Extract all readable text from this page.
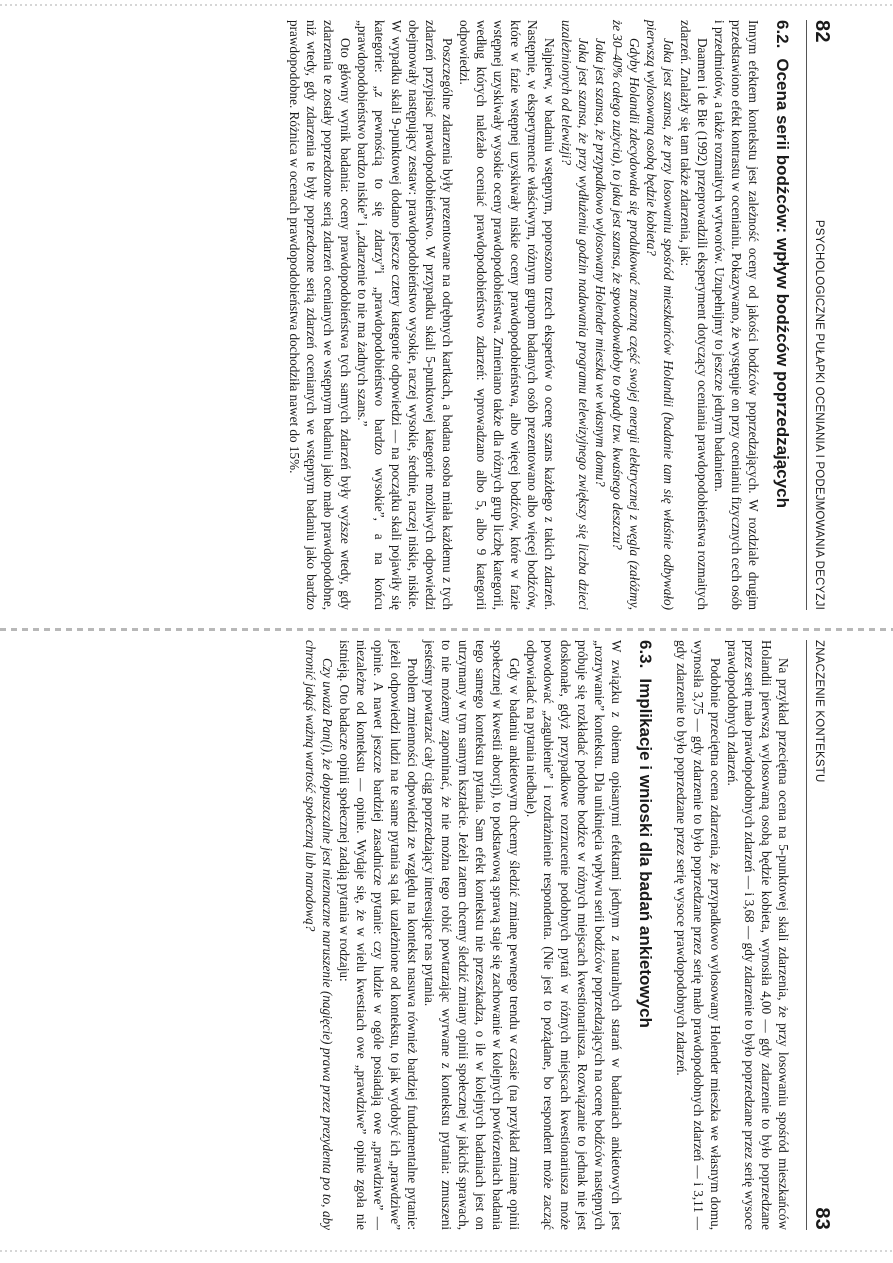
82
PSYCHOLOGICZNE PUŁAPKI OCENIANIA I PODEJMOWANIA DECYZJI
6.2.Ocena serii bodźców: wpływ bodźców poprzedzających

Innym efektem kontekstu jest zależność oceny od jakości bodźców poprzedzających. W rozdziale drugim przedstawiono efekt kontrastu w ocenianiu. Pokazywano, że występuje on przy ocenianiu fizycznych cech osób i przedmiotów, a także rozmaitych wytworów. Uzupełnijmy to jeszcze jednym badaniem.

Daamen i de Bie (1992) przeprowadzili eksperyment dotyczący oceniania prawdopodobieństwa rozmaitych zdarzeń. Znalazły się tam także zdarzenia, jak:

Jaka jest szansa, że przy losowaniu spośród mieszkańców Holandii (badanie tam się właśnie odbywało) pierwszą wylosowaną osobą będzie kobieta?

Gdyby Holandii zdecydowała się produkować znaczną część swojej energii elektrycznej z węgla (załóżmy, że 30–40% całego zużycia), to jaka jest szansa, że spowodowałoby to opady tzw. kwaśnego deszczu?

Jaka jest szansa, że przypadkowo wylosowany Holender mieszka we własnym domu?

Jaka jest szansa, że przy wydłużeniu godzin nadawania programu telewizyjnego zwiększy się liczba dzieci uzależnionych od telewizji?

Najpierw, w badaniu wstępnym, poproszono trzech ekspertów o ocenę szans każdego z takich zdarzeń. Następnie, w eksperymencie właściwym, różnym grupom badanych osób prezentowano albo więcej bodźców, które w fazie wstępnej uzyskiwały niskie oceny prawdopodobieństwa, albo więcej bodźców, które w fazie wstępnej uzyskiwały wysokie oceny prawdopodobieństwa. Zmieniano także dla różnych grup liczbę kategorii, według których należało oceniać prawdopodobieństwo zdarzeń: wprowadzano albo 5, albo 9 kategorii odpowiedzi.

Poszczególne zdarzenia były prezentowane na odrębnych kartkach, a badana osoba miała każdemu z tych zdarzeń przypisać prawdopodobieństwo. W przypadku skali 5-punktowej kategorie możliwych odpowiedzi obejmowały następujący zestaw: prawdopodobieństwo wysokie, raczej wysokie, średnie, raczej niskie, niskie. W wypadku skali 9-punktowej dodano jeszcze cztery kategorie odpowiedzi — na początku skali pojawiły się kategorie: „z pewnością to się zdarzy”i „prawdopodobieństwo bardzo wysokie”, a na końcu „prawdopodobieństwo bardzo niskie” i „zdarzenie to nie ma żadnych szans.”

Oto główny wynik badania: oceny prawdopodobieństwa tych samych zdarzeń były wyższe wtedy, gdy zdarzenia te zostały poprzedzone serią zdarzeń ocenianych we wstępnym badaniu jako mało prawdopodobne, niż wtedy, gdy zdarzenia te były poprzedzone serią zdarzeń ocenianych we wstępnym badaniu jako bardzo prawdopodobne. Różnica w ocenach prawdopodobieństwa dochodziła nawet do 15%.

ZNACZENIE KONTEKSTU
83

Na przykład przeciętna ocena na 5-punktowej skali zdarzenia, że przy losowaniu spośród mieszkańców Holandii pierwszą wylosowaną osobą będzie kobieta, wynosiła 4,00 — gdy zdarzenie to było poprzedzane przez serię mało prawdopodobnych zdarzeń — i 3,68 — gdy zdarzenie to było poprzedzane przez serię wysoce prawdopodobnych zdarzeń.

Podobnie przeciętna ocena zdarzenia, że przypadkowo wylosowany Holender mieszka we własnym domu, wynosiła 3,75 — gdy zdarzenie to było poprzedzane przez serię mało prawdopodobnych zdarzeń — i 3,11 — gdy zdarzenie to było poprzedzane przez serię wysoce prawdopodobnych zdarzeń.

6.3.Implikacje i wnioski dla badań ankietowych

W związku z obiema opisanymi efektami jednym z naturalnych starań w badaniach ankietowych jest „rozrywanie” kontekstu. Dla uniknięcia wpływu serii bodźców poprzedzających na ocenę bodźców następnych próbuje się rozkładać podobne bodźce w różnych miejscach kwestionariusza. Rozwiązanie to jednak nie jest doskonałe, gdyż przypadkowe rozrzucenie podobnych pytań w różnych miejscach kwestionariusza może powodować „zagubienie” i rozdrażnienie respondenta. (Nie jest to pożądane, bo respondent może zacząć odpowiadać na pytania niedbale).

Gdy w badaniu ankietowym chcemy śledzić zmianę pewnego trendu w czasie (na przykład zmianę opinii społecznej w kwestii aborcji), to podstawową sprawą staje się zachowanie w kolejnych powtórzeniach badania tego samego kontekstu pytania. Sam efekt kontekstu nie przeszkadza, o ile w kolejnych badaniach jest on utrzymany w tym samym kształcie. Jeżeli zatem chcemy śledzić zmiany opinii społecznej w jakichś sprawach, to nie możemy zapominać, że nie można tego robić powtarzając wyrwane z kontekstu pytania: zmuszeni jesteśmy powtarzać cały ciąg poprzedzający interesujące nas pytania.

Problem zmienności odpowiedzi ze względu na kontekst nasuwa również bardziej fundamentalne pytanie: jeżeli odpowiedzi ludzi na te same pytania są tak uzależnione od kontekstu, to jak wydobyć ich „prawdziwe” opinie. A nawet jeszcze bardziej zasadnicze pytanie: czy ludzie w ogóle posiadają owe „prawdziwe” — niezależne od kontekstu — opinie. Wydaje się, że w wielu kwestiach owe „prawdziwe” opinie zgoła nie istnieją. Oto badacze opinii społecznej zadają pytania w rodzaju:

Czy uważa Pan(i), że dopuszczalne jest nieznaczne naruszenie (nagięcie) prawa przez prezydenta po to, aby chronić jakąś ważną wartość społeczną lub narodową?
